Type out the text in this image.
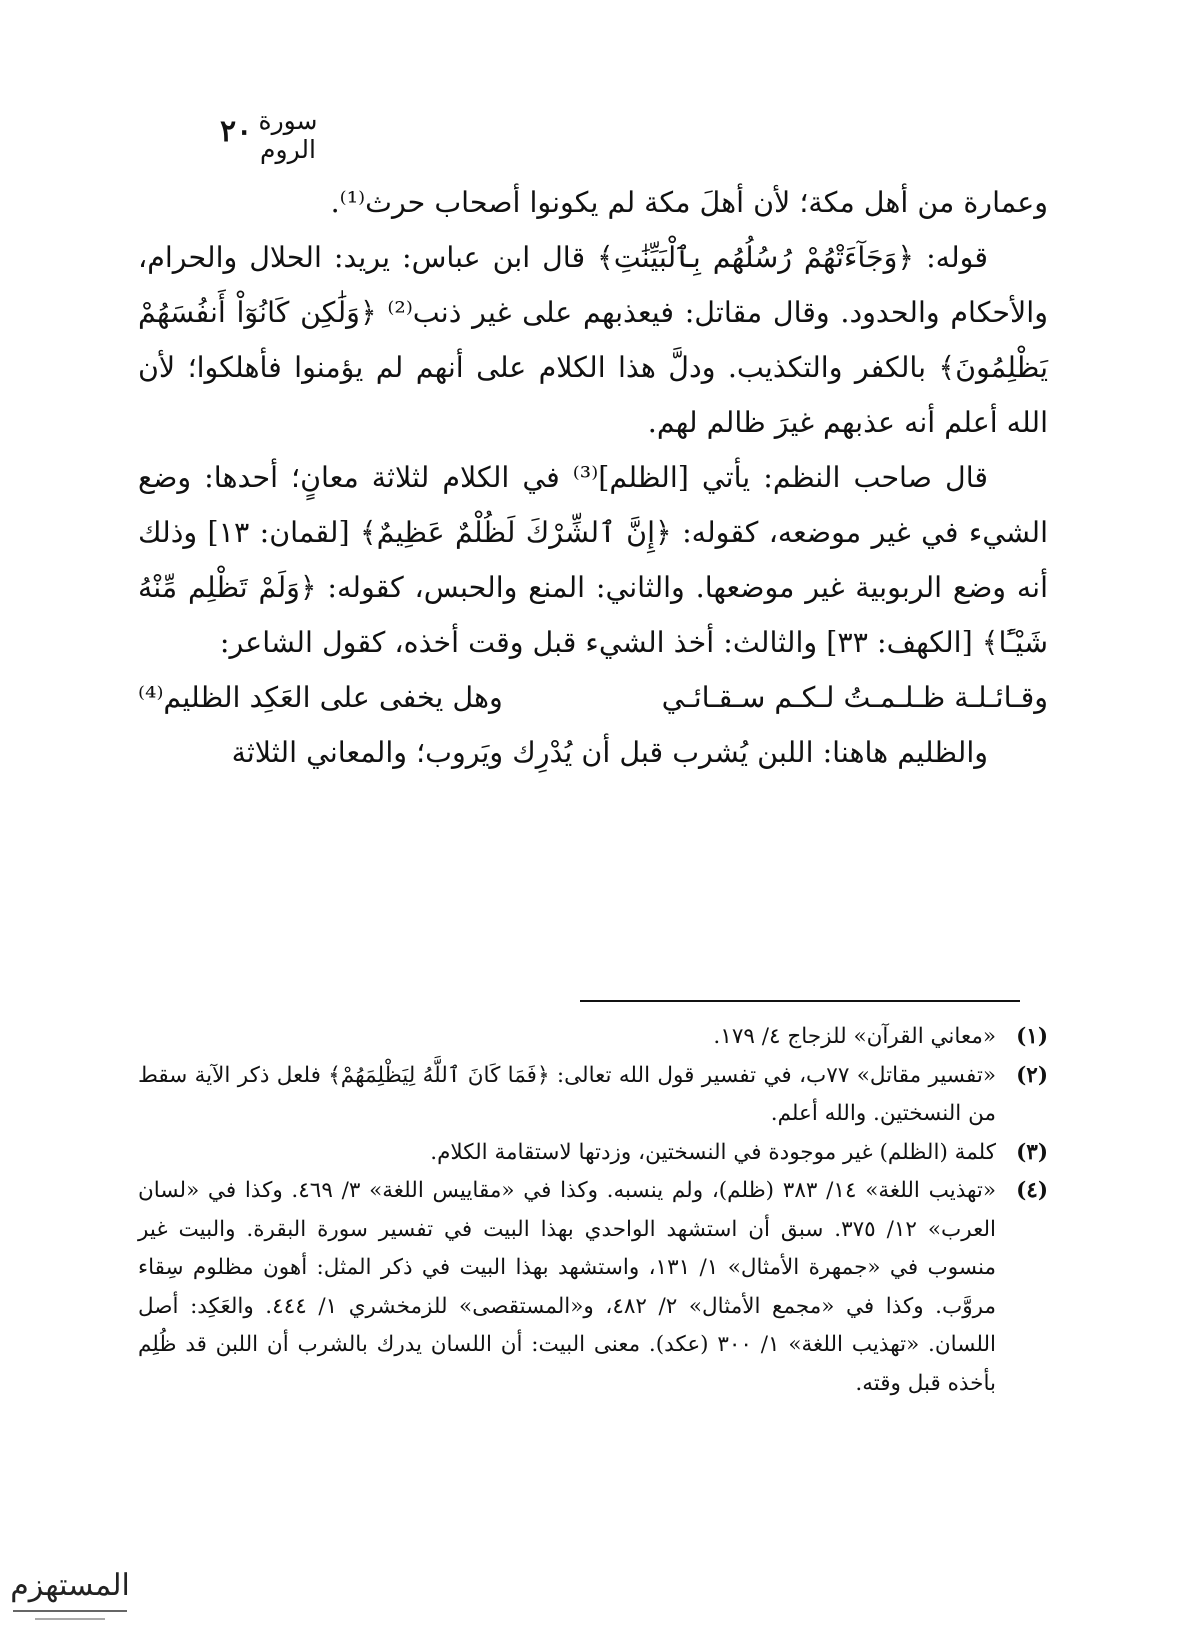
٢٠ سورة الروم

وعمارة من أهل مكة؛ لأن أهلَ مكة لم يكونوا أصحاب حرث⁽¹⁾.

قوله: ﴿وَجَآءَتْهُمْ رُسُلُهُم بِٱلْبَيِّنَٰتِ﴾ قال ابن عباس: يريد: الحلال والحرام، والأحكام والحدود. وقال مقاتل: فيعذبهم على غير ذنب⁽²⁾ ﴿وَلَٰكِن كَانُوٓاْ أَنفُسَهُمْ يَظْلِمُونَ﴾ بالكفر والتكذيب. ودلَّ هذا الكلام على أنهم لم يؤمنوا فأهلكوا؛ لأن الله أعلم أنه عذبهم غيرَ ظالم لهم.

قال صاحب النظم: يأتي [الظلم]⁽³⁾ في الكلام لثلاثة معانٍ؛ أحدها: وضع الشيء في غير موضعه، كقوله: ﴿إِنَّ ٱلشِّرْكَ لَظُلْمٌ عَظِيمٌ﴾ [لقمان: ١٣] وذلك أنه وضع الربوبية غير موضعها. والثاني: المنع والحبس، كقوله: ﴿وَلَمْ تَظْلِم مِّنْهُ شَيْـًٔا﴾ [الكهف: ٣٣] والثالث: أخذ الشيء قبل وقت أخذه، كقول الشاعر:

وقـائـلـة ظـلـمـتُ لـكـم سـقـائـي
وهل يخفى على العَكِد الظليم⁽⁴⁾

والظليم هاهنا: اللبن يُشرب قبل أن يُدْرِك ويَروب؛ والمعاني الثلاثة

(١)
«معاني القرآن» للزجاج ٤/ ١٧٩.
(٢)
«تفسير مقاتل» ٧٧ب، في تفسير قول الله تعالى: ﴿فَمَا كَانَ ٱللَّهُ لِيَظْلِمَهُمْ﴾ فلعل ذكر الآية سقط من النسختين. والله أعلم.
(٣)
كلمة (الظلم) غير موجودة في النسختين، وزدتها لاستقامة الكلام.
(٤)
«تهذيب اللغة» ١٤/ ٣٨٣ (ظلم)، ولم ينسبه. وكذا في «مقاييس اللغة» ٣/ ٤٦٩. وكذا في «لسان العرب» ١٢/ ٣٧٥. سبق أن استشهد الواحدي بهذا البيت في تفسير سورة البقرة. والبيت غير منسوب في «جمهرة الأمثال» ١/ ١٣١، واستشهد بهذا البيت في ذكر المثل: أهون مظلوم سِقاء مروَّب. وكذا في «مجمع الأمثال» ٢/ ٤٨٢، و«المستقصى» للزمخشري ١/ ٤٤٤. والعَكِد: أصل اللسان. «تهذيب اللغة» ١/ ٣٠٠ (عكد). معنى البيت: أن اللسان يدرك بالشرب أن اللبن قد ظُلِم بأخذه قبل وقته.
المستهزم
